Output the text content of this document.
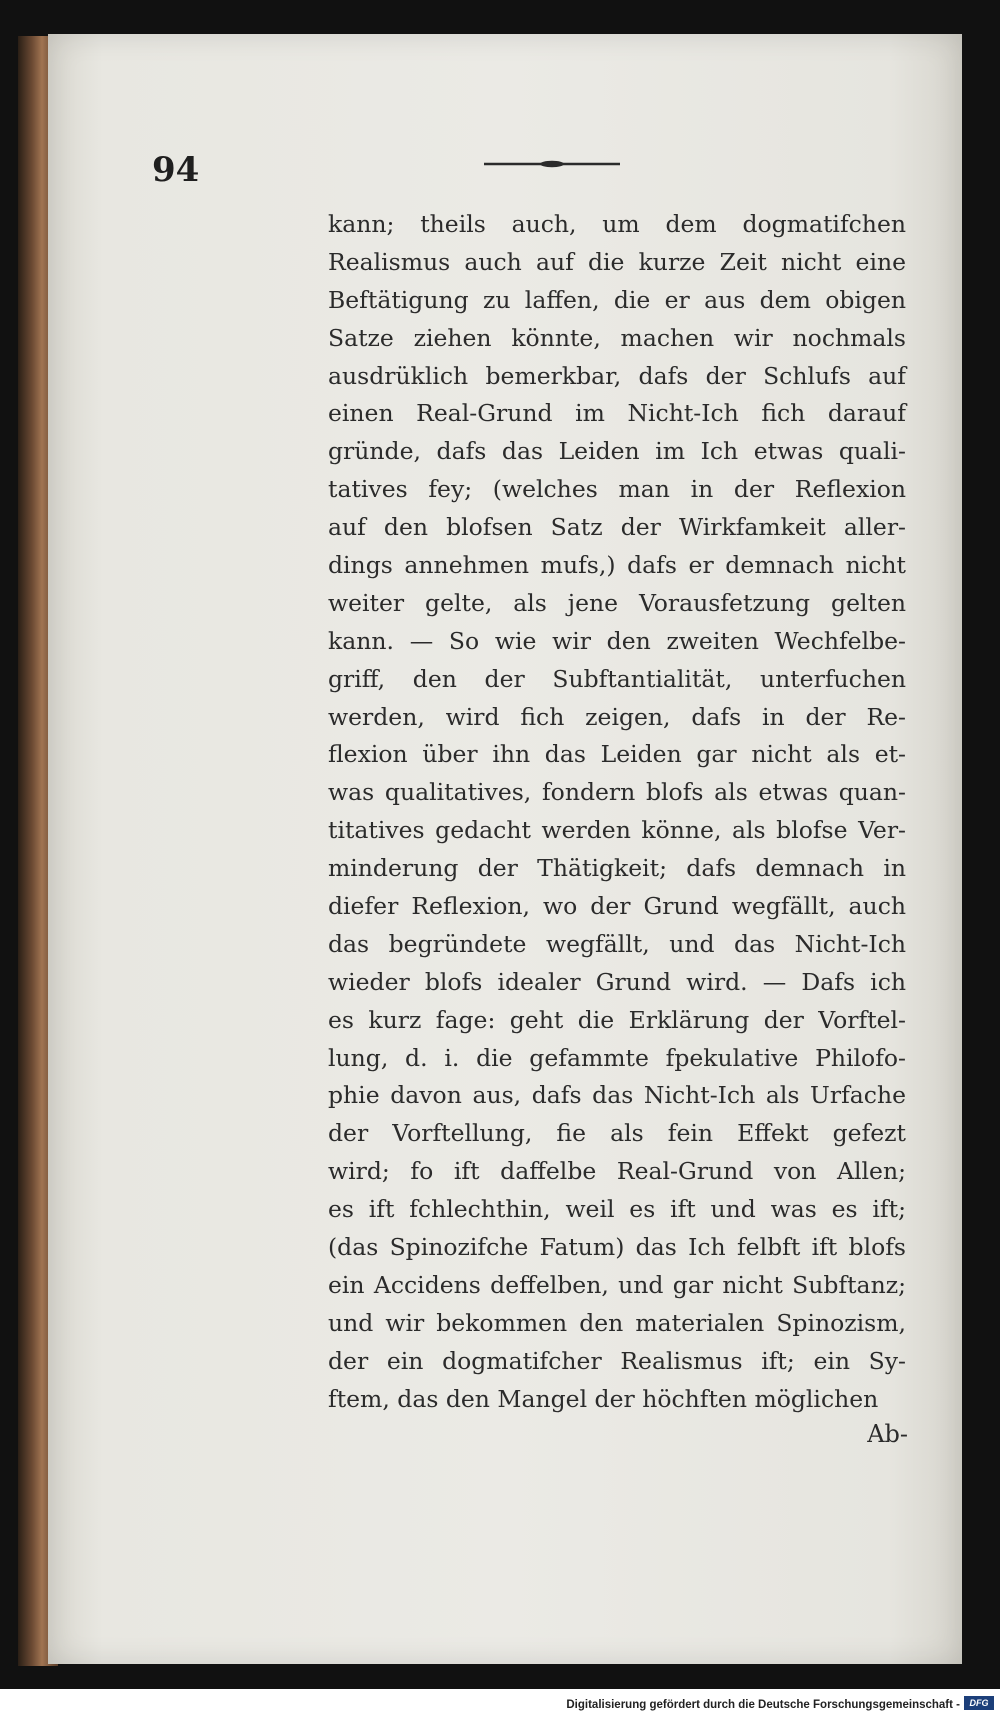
94
kann; theils auch, um dem dogmatifchen
Realismus auch auf die kurze Zeit nicht eine
Beftätigung zu laffen, die er aus dem obigen
Satze ziehen könnte, machen wir nochmals
ausdrüklich bemerkbar, dafs der Schlufs auf
einen Real-Grund im Nicht-Ich fich darauf
gründe, dafs das Leiden im Ich etwas quali-
tatives fey; (welches man in der Reflexion
auf den blofsen Satz der Wirkfamkeit aller-
dings annehmen mufs,) dafs er demnach nicht
weiter gelte, als jene Vorausfetzung gelten
kann. — So wie wir den zweiten Wechfelbe-
griff, den der Subftantialität, unterfuchen
werden, wird fich zeigen, dafs in der Re-
flexion über ihn das Leiden gar nicht als et-
was qualitatives, fondern blofs als etwas quan-
titatives gedacht werden könne, als blofse Ver-
minderung der Thätigkeit; dafs demnach in
diefer Reflexion, wo der Grund wegfällt, auch
das begründete wegfällt, und das Nicht-Ich
wieder blofs idealer Grund wird. — Dafs ich
es kurz fage: geht die Erklärung der Vorftel-
lung, d. i. die gefammte fpekulative Philofo-
phie davon aus, dafs das Nicht-Ich als Urfache
der Vorftellung, fie als fein Effekt gefezt
wird; fo ift daffelbe Real-Grund von Allen;
es ift fchlechthin, weil es ift und was es ift;
(das Spinozifche Fatum) das Ich felbft ift blofs
ein Accidens deffelben, und gar nicht Subftanz;
und wir bekommen den materialen Spinozism,
der ein dogmatifcher Realismus ift; ein Sy-
ftem, das den Mangel der höchften möglichen
Ab-
Digitalisierung gefördert durch die Deutsche Forschungsgemeinschaft -	DFG
